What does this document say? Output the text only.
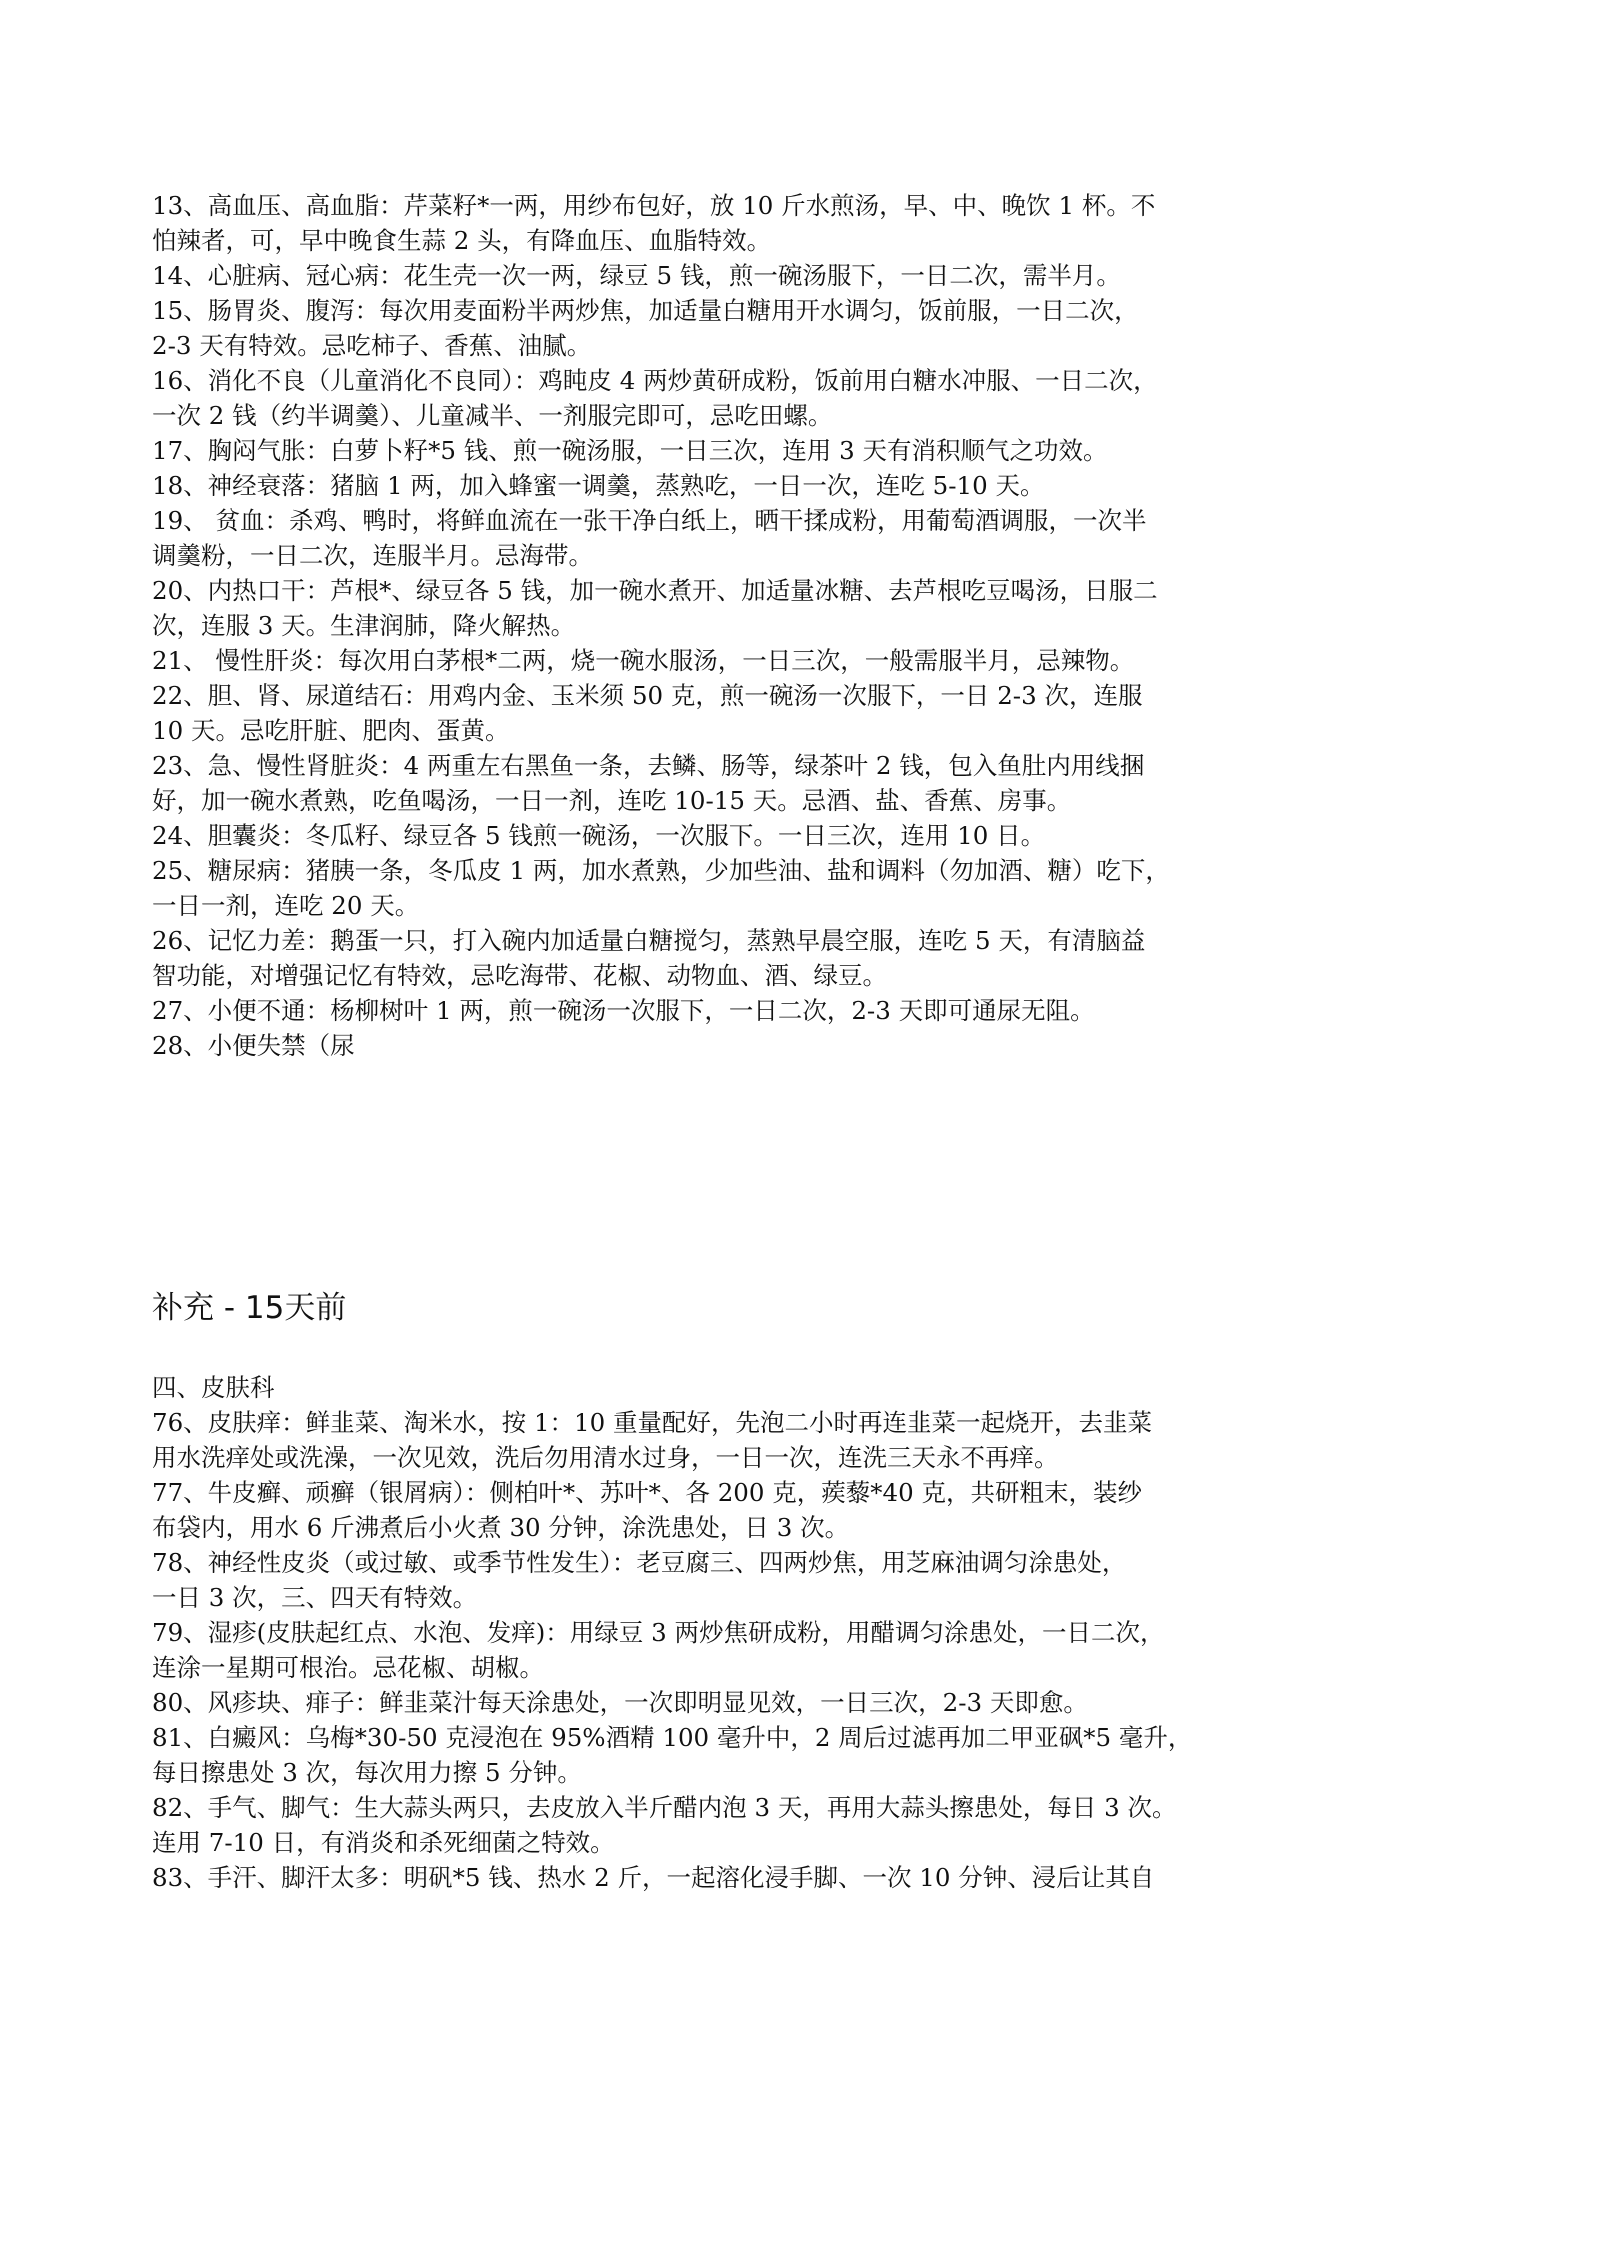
13、高血压、高血脂：芹菜籽*一两，用纱布包好，放 10 斤水煎汤，早、中、晚饮 1 杯。不
怕辣者，可，早中晚食生蒜 2 头，有降血压、血脂特效。
14、心脏病、冠心病：花生壳一次一两，绿豆 5 钱，煎一碗汤服下，一日二次，需半月。
15、肠胃炎、腹泻：每次用麦面粉半两炒焦，加适量白糖用开水调匀，饭前服，一日二次，
2-3 天有特效。忌吃柿子、香蕉、油腻。
16、消化不良（儿童消化不良同）：鸡盹皮 4 两炒黄研成粉，饭前用白糖水冲服、一日二次，
一次 2 钱（约半调羹）、儿童减半、一剂服完即可，忌吃田螺。
17、胸闷气胀：白萝卜籽*5 钱、煎一碗汤服，一日三次，连用 3 天有消积顺气之功效。
18、神经衰落：猪脑 1 两，加入蜂蜜一调羹，蒸熟吃，一日一次，连吃 5-10 天。
19、 贫血：杀鸡、鸭时，将鲜血流在一张干净白纸上，晒干揉成粉，用葡萄酒调服，一次半
调羹粉，一日二次，连服半月。忌海带。
20、内热口干：芦根*、绿豆各 5 钱，加一碗水煮开、加适量冰糖、去芦根吃豆喝汤，日服二
次，连服 3 天。生津润肺，降火解热。
21、 慢性肝炎：每次用白茅根*二两，烧一碗水服汤，一日三次，一般需服半月，忌辣物。
22、胆、肾、尿道结石：用鸡内金、玉米须 50 克，煎一碗汤一次服下，一日 2-3 次，连服
10 天。忌吃肝脏、肥肉、蛋黄。
23、急、慢性肾脏炎：4 两重左右黑鱼一条，去鳞、肠等，绿茶叶 2 钱，包入鱼肚内用线捆
好，加一碗水煮熟，吃鱼喝汤，一日一剂，连吃 10-15 天。忌酒、盐、香蕉、房事。
24、胆囊炎：冬瓜籽、绿豆各 5 钱煎一碗汤，一次服下。一日三次，连用 10 日。
25、糖尿病：猪胰一条，冬瓜皮 1 两，加水煮熟，少加些油、盐和调料（勿加酒、糖）吃下，
一日一剂，连吃 20 天。
26、记忆力差：鹅蛋一只，打入碗内加适量白糖搅匀，蒸熟早晨空服，连吃 5 天，有清脑益
智功能，对增强记忆有特效，忌吃海带、花椒、动物血、酒、绿豆。
27、小便不通：杨柳树叶 1 两，煎一碗汤一次服下，一日二次，2-3 天即可通尿无阻。
28、小便失禁（尿
补充 - 15天前
四、皮肤科
76、皮肤痒：鲜韭菜、淘米水，按 1：10 重量配好，先泡二小时再连韭菜一起烧开，去韭菜
用水洗痒处或洗澡，一次见效，洗后勿用清水过身，一日一次，连洗三天永不再痒。
77、牛皮癣、顽癣（银屑病）：侧柏叶*、苏叶*、各 200 克，蒺藜*40 克，共研粗末，装纱
布袋内，用水 6 斤沸煮后小火煮 30 分钟，涂洗患处，日 3 次。
78、神经性皮炎（或过敏、或季节性发生）：老豆腐三、四两炒焦，用芝麻油调匀涂患处，
一日 3 次，三、四天有特效。
79、湿疹(皮肤起红点、水泡、发痒)：用绿豆 3 两炒焦研成粉，用醋调匀涂患处，一日二次，
连涂一星期可根治。忌花椒、胡椒。
80、风疹块、痱子：鲜韭菜汁每天涂患处，一次即明显见效，一日三次，2-3 天即愈。
81、白癜风：乌梅*30-50 克浸泡在 95%酒精 100 毫升中，2 周后过滤再加二甲亚砜*5 毫升，
每日擦患处 3 次，每次用力擦 5 分钟。
82、手气、脚气：生大蒜头两只，去皮放入半斤醋内泡 3 天，再用大蒜头擦患处，每日 3 次。
连用 7-10 日，有消炎和杀死细菌之特效。
83、手汗、脚汗太多：明矾*5 钱、热水 2 斤，一起溶化浸手脚、一次 10 分钟、浸后让其自
